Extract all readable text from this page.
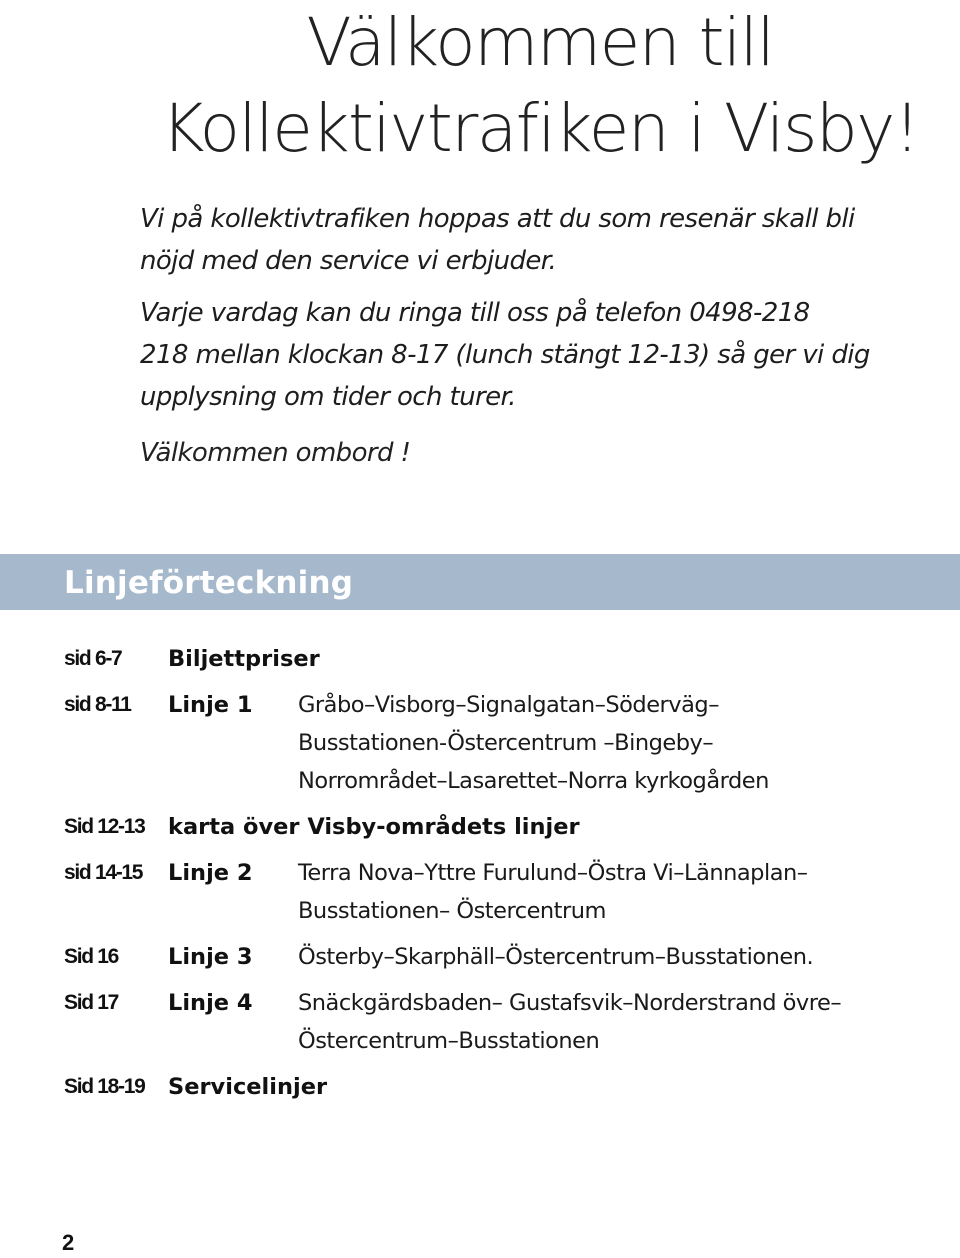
Välkommen till
Kollektivtrafiken i Visby!

Vi på kollektivtrafiken hoppas att du som resenär skall bli
nöjd med den service vi erbjuder.

Varje vardag kan du ringa till oss på telefon 0498-218
218 mellan klockan 8-17 (lunch stängt 12-13) så ger vi dig
upplysning om tider och turer.

Välkommen ombord !

Linjeförteckning
sid 6-7	Biljettpriser
sid 8-11	Linje 1	Gråbo–Visborg–Signalgatan–Söderväg–
Busstationen-Östercentrum –Bingeby–
Norrområdet–Lasarettet–Norra kyrkogården
Sid 12-13	karta över Visby-områdets linjer
sid 14-15	Linje 2	Terra Nova–Yttre Furulund–Östra Vi–Lännaplan–
Busstationen– Östercentrum
Sid 16	Linje 3	Österby–Skarphäll–Östercentrum–Busstationen.
Sid 17	Linje 4	Snäckgärdsbaden– Gustafsvik–Norderstrand övre–
Östercentrum–Busstationen
Sid 18-19	Servicelinjer
2
